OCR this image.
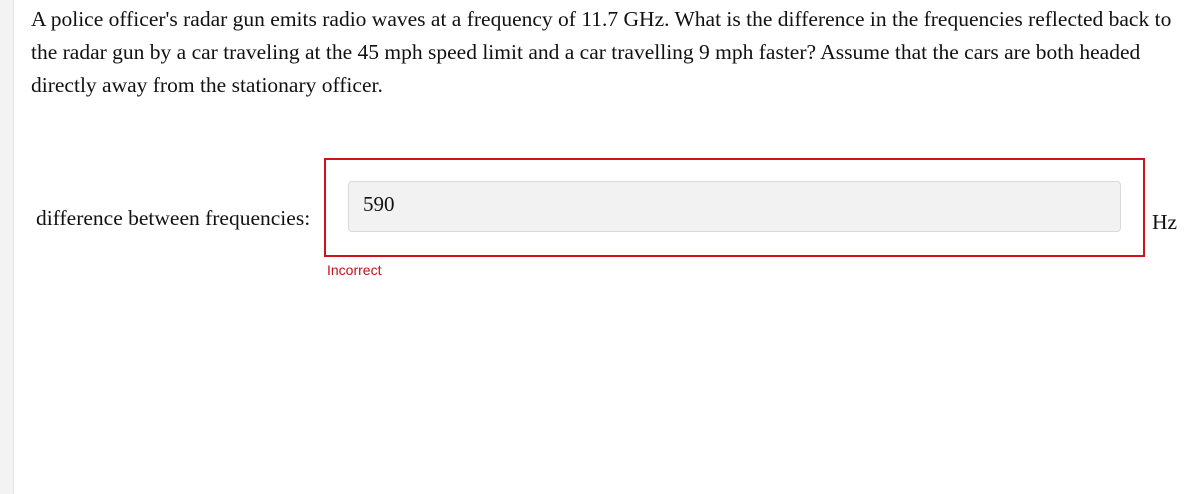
A police officer's radar gun emits radio waves at a frequency of 11.7 GHz. What is the difference in the frequencies reflected back to the radar gun by a car traveling at the 45 mph speed limit and a car travelling 9 mph faster? Assume that the cars are both headed directly away from the stationary officer.

difference between frequencies:
590
Hz
Incorrect
